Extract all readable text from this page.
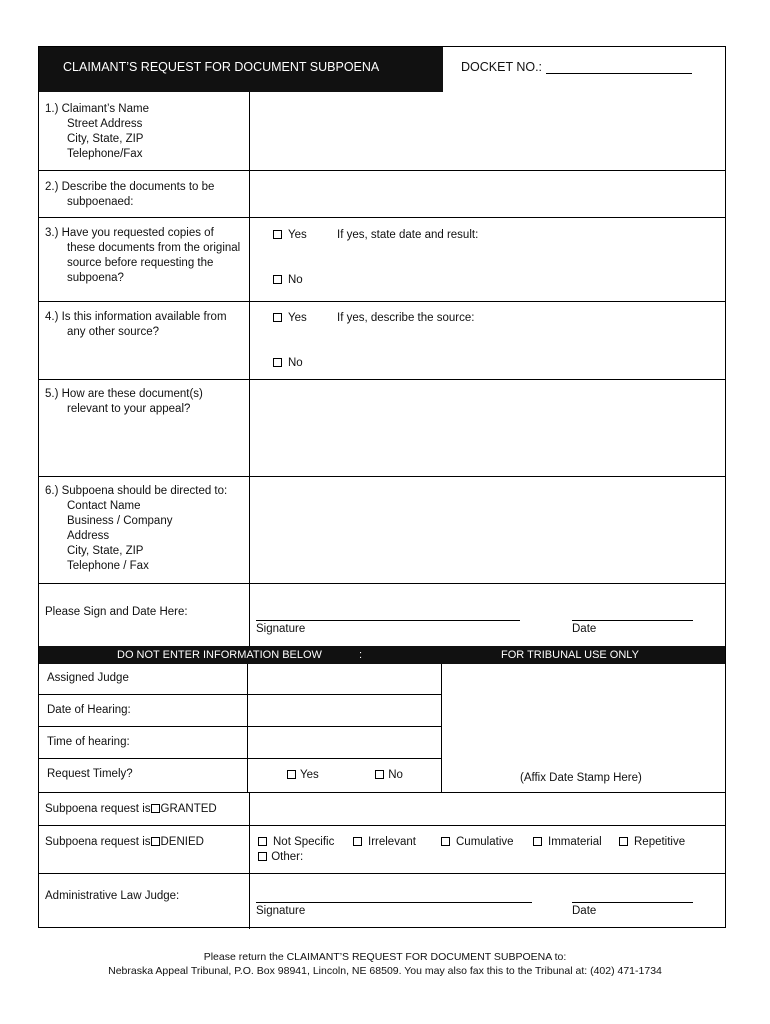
CLAIMANT’S REQUEST FOR DOCUMENT SUBPOENA	DOCKET NO.:
1.) Claimant’s Name
Street Address
City, State, ZIP
Telephone/Fax
2.) Describe the documents to be
subpoenaed:
3.) Have you requested copies of
these documents from the original
source before requesting the
subpoena?
Yes	If yes, state date and result:
No
4.) Is this information available from
any other source?
Yes	If yes, describe the source:
No
5.) How are these document(s)
relevant to your appeal?
6.) Subpoena should be directed to:
Contact Name
Business / Company
Address
City, State, ZIP
Telephone / Fax
Please Sign and Date Here:
Signature	Date
DO NOT ENTER INFORMATION BELOW	:	FOR TRIBUNAL USE ONLY
Assigned Judge
Date of Hearing:
Time of hearing:
Request Timely?	Yes	No	(Affix Date Stamp Here)
Subpoena request is GRANTED
Subpoena request is DENIED	Not Specific	Irrelevant	Cumulative	Immaterial	Repetitive
Other:
Administrative Law Judge:
Signature	Date
Please return the CLAIMANT’S REQUEST FOR DOCUMENT SUBPOENA to:
Nebraska Appeal Tribunal, P.O. Box 98941, Lincoln, NE 68509. You may also fax this to the Tribunal at: (402) 471-1734
